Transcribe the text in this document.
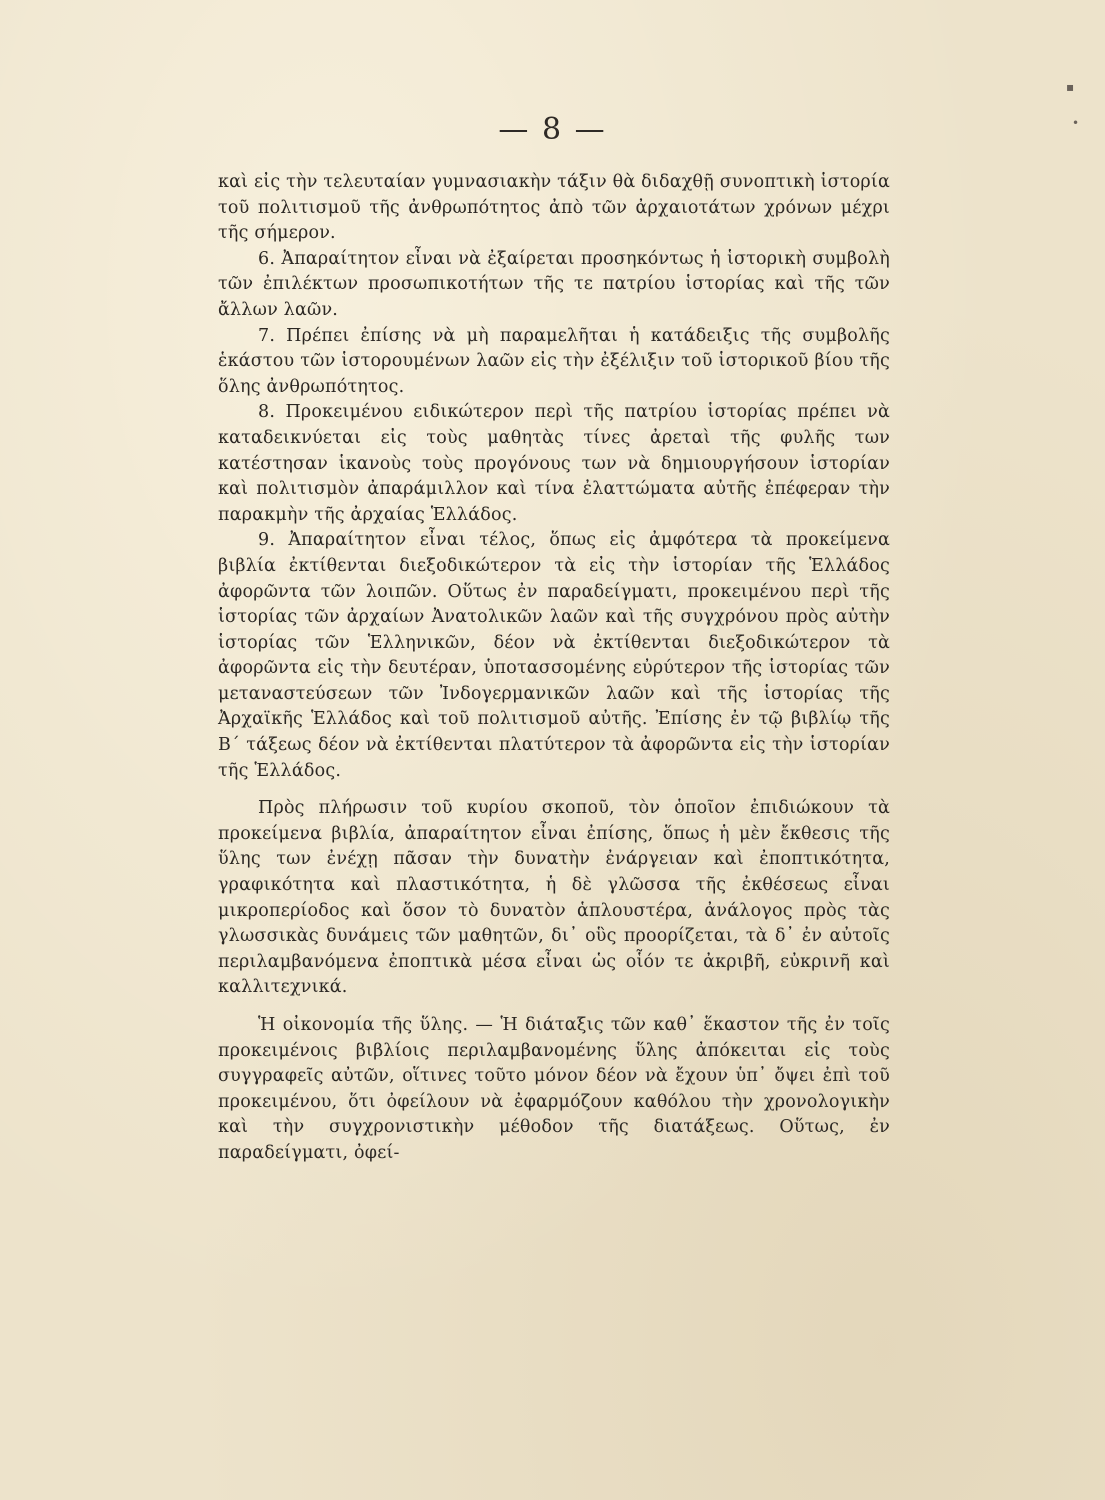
— 8 —
▪
•

καὶ εἰς τὴν τελευταίαν γυμνασιακὴν τάξιν θὰ διδαχθῇ συνοπτικὴ ἱστορία τοῦ πολιτισμοῦ τῆς ἀνθρωπότητος ἀπὸ τῶν ἀρχαιοτάτων χρόνων μέχρι τῆς σήμερον.

6. Ἀπαραίτητον εἶναι νὰ ἐξαίρεται προσηκόντως ἡ ἱστορικὴ συμβολὴ τῶν ἐπιλέκτων προσωπικοτήτων τῆς τε πατρίου ἱστορίας καὶ τῆς τῶν ἄλλων λαῶν.

7. Πρέπει ἐπίσης νὰ μὴ παραμελῆται ἡ κατάδειξις τῆς συμβολῆς ἑκάστου τῶν ἱστορουμένων λαῶν εἰς τὴν ἐξέλιξιν τοῦ ἱστορικοῦ βίου τῆς ὅλης ἀνθρωπότητος.

8. Προκειμένου ειδικώτερον περὶ τῆς πατρίου ἱστορίας πρέπει νὰ καταδεικνύεται εἰς τοὺς μαθητὰς τίνες ἀρεταὶ τῆς φυλῆς των κατέστησαν ἱκανοὺς τοὺς προγόνους των νὰ δημιουργήσουν ἱστορίαν καὶ πολιτισμὸν ἀπαράμιλλον καὶ τίνα ἐλαττώματα αὐτῆς ἐπέφεραν τὴν παρακμὴν τῆς ἀρχαίας Ἑλλάδος.

9. Ἀπαραίτητον εἶναι τέλος, ὅπως εἰς ἀμφότερα τὰ προκείμενα βιβλία ἐκτίθενται διεξοδικώτερον τὰ εἰς τὴν ἱστορίαν τῆς Ἑλλάδος ἀφορῶντα τῶν λοιπῶν. Οὕτως ἐν παραδείγματι, προκειμένου περὶ τῆς ἱστορίας τῶν ἀρχαίων Ἀνατολικῶν λαῶν καὶ τῆς συγχρόνου πρὸς αὐτὴν ἱστορίας τῶν Ἑλληνικῶν, δέον νὰ ἐκτίθενται διεξοδικώτερον τὰ ἀφορῶντα εἰς τὴν δευτέραν, ὑποτασσομένης εὐρύτερον τῆς ἱστορίας τῶν μεταναστεύσεων τῶν Ἰνδογερμανικῶν λαῶν καὶ τῆς ἱστορίας τῆς Ἀρχαϊκῆς Ἑλλάδος καὶ τοῦ πολιτισμοῦ αὐτῆς. Ἐπίσης ἐν τῷ βιβλίῳ τῆς Β΄ τάξεως δέον νὰ ἐκτίθενται πλατύτερον τὰ ἀφορῶντα εἰς τὴν ἱστορίαν τῆς Ἑλλάδος.

Πρὸς πλήρωσιν τοῦ κυρίου σκοποῦ, τὸν ὁποῖον ἐπιδιώκουν τὰ προκείμενα βιβλία, ἀπαραίτητον εἶναι ἐπίσης, ὅπως ἡ μὲν ἔκθεσις τῆς ὕλης των ἐνέχῃ πᾶσαν τὴν δυνατὴν ἐνάργειαν καὶ ἐποπτικότητα, γραφικότητα καὶ πλαστικότητα, ἡ δὲ γλῶσσα τῆς ἐκθέσεως εἶναι μικροπερίοδος καὶ ὅσον τὸ δυνατὸν ἁπλουστέρα, ἀνάλογος πρὸς τὰς γλωσσικὰς δυνάμεις τῶν μαθητῶν, δι᾿ οὓς προορίζεται, τὰ δ᾿ ἐν αὐτοῖς περιλαμβανόμενα ἐποπτικὰ μέσα εἶναι ὡς οἷόν τε ἀκριβῆ, εὐκρινῆ καὶ καλλιτεχνικά.

Ἡ οἰκονομία τῆς ὕλης. — Ἡ διάταξις τῶν καθ᾿ ἕκαστον τῆς ἐν τοῖς προκειμένοις βιβλίοις περιλαμβανομένης ὕλης ἀπόκειται εἰς τοὺς συγγραφεῖς αὐτῶν, οἵτινες τοῦτο μόνον δέον νὰ ἔχουν ὑπ᾿ ὄψει ἐπὶ τοῦ προκειμένου, ὅτι ὀφείλουν νὰ ἐφαρμόζουν καθόλου τὴν χρονολογικὴν καὶ τὴν συγχρονιστικὴν μέθοδον τῆς διατάξεως. Οὕτως, ἐν παραδείγματι, ὀφεί-
